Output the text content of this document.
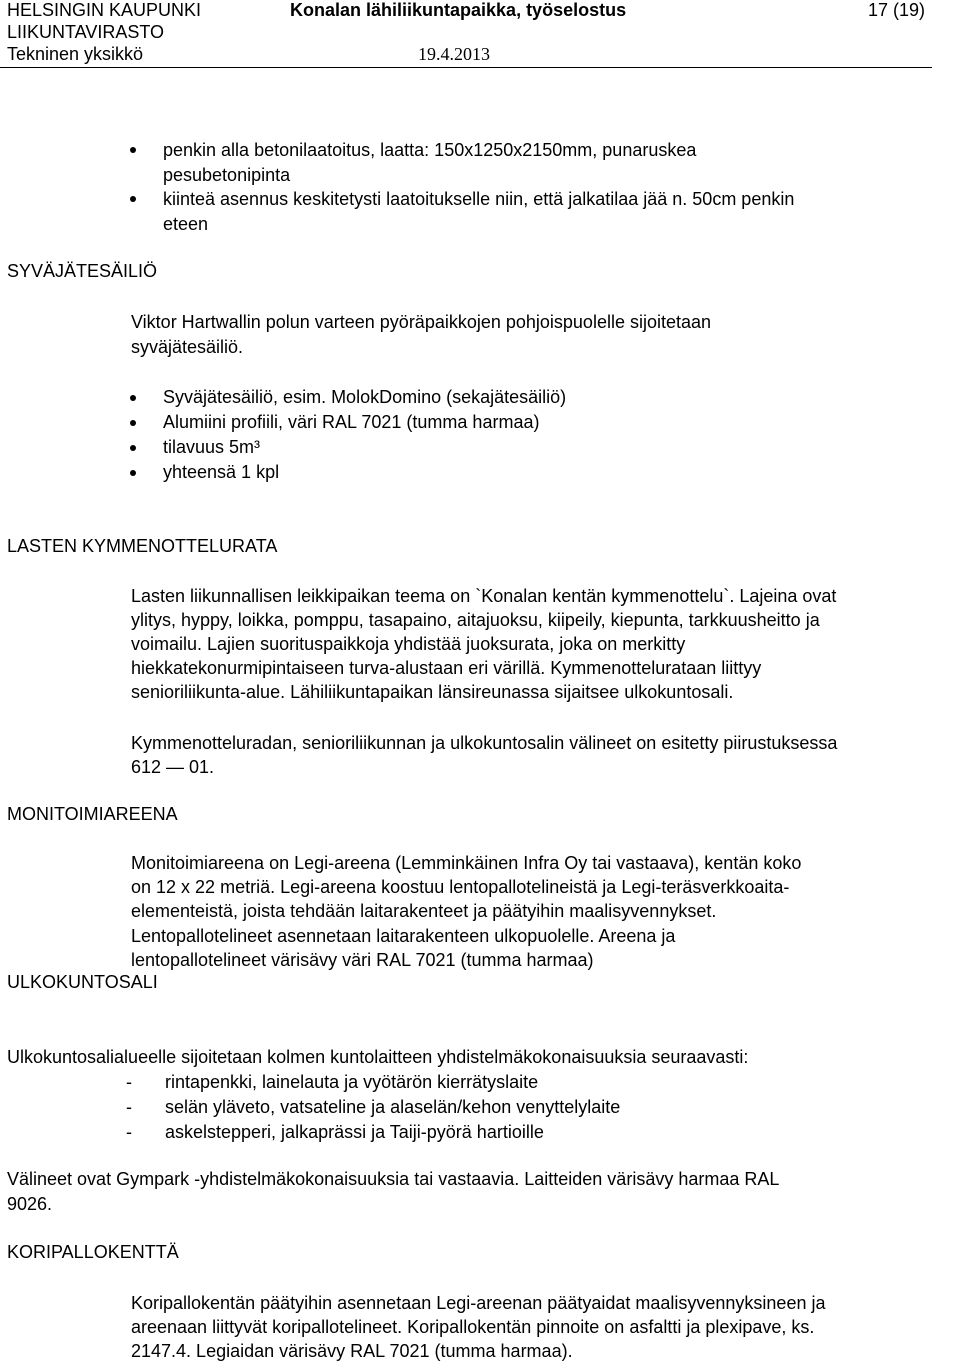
HELSINGIN KAUPUNKI
LIIKUNTAVIRASTO
Tekninen yksikkö
Konalan lähiliikuntapaikka, työselostus
19.4.2013
17 (19)
penkin alla betonilaatoitus, laatta: 150x1250x2150mm, punaruskea
pesubetonipinta
kiinteä asennus keskitetysti laatoitukselle niin, että jalkatilaa jää n. 50cm penkin
eteen
SYVÄJÄTESÄILIÖ
Viktor Hartwallin polun varteen pyöräpaikkojen pohjoispuolelle sijoitetaan
syväjätesäiliö.
Syväjätesäiliö, esim. MolokDomino (sekajätesäiliö)
Alumiini profiili, väri RAL 7021 (tumma harmaa)
tilavuus 5m³
yhteensä 1 kpl
LASTEN KYMMENOTTELURATA
Lasten liikunnallisen leikkipaikan teema on `Konalan kentän kymmenottelu`. Lajeina ovat
ylitys, hyppy, loikka, pomppu, tasapaino, aitajuoksu, kiipeily, kiepunta, tarkkuusheitto ja
voimailu. Lajien suorituspaikkoja yhdistää juoksurata, joka on merkitty
hiekkatekonurmipintaiseen turva-alustaan eri värillä. Kymmenottelurataan liittyy
senioriliikunta-alue. Lähiliikuntapaikan länsireunassa sijaitsee ulkokuntosali.
Kymmenotteluradan, senioriliikunnan ja ulkokuntosalin välineet on esitetty piirustuksessa
612 — 01.
MONITOIMIAREENA
Monitoimiareena on Legi-areena (Lemminkäinen Infra Oy tai vastaava), kentän koko
on 12 x 22 metriä. Legi-areena koostuu lentopallotelineistä ja Legi-teräsverkkoaita-
elementeistä, joista tehdään laitarakenteet ja päätyihin maalisyvennykset.
Lentopallotelineet asennetaan laitarakenteen ulkopuolelle. Areena ja
lentopallotelineet värisävy väri RAL 7021 (tumma harmaa)
ULKOKUNTOSALI
Ulkokuntosalialueelle sijoitetaan kolmen kuntolaitteen yhdistelmäkokonaisuuksia seuraavasti:
- rintapenkki, lainelauta ja vyötärön kierrätyslaite
- selän yläveto, vatsateline ja alaselän/kehon venyttelylaite
- askelstepperi, jalkaprässi ja Taiji-pyörä hartioille
Välineet ovat Gympark -yhdistelmäkokonaisuuksia tai vastaavia. Laitteiden värisävy harmaa RAL
9026.
KORIPALLOKENTTÄ
Koripallokentän päätyihin asennetaan Legi-areenan päätyaidat maalisyvennyksineen ja
areenaan liittyvät koripallotelineet. Koripallokentän pinnoite on asfaltti ja plexipave, ks.
2147.4. Legiaidan värisävy RAL 7021 (tumma harmaa).
